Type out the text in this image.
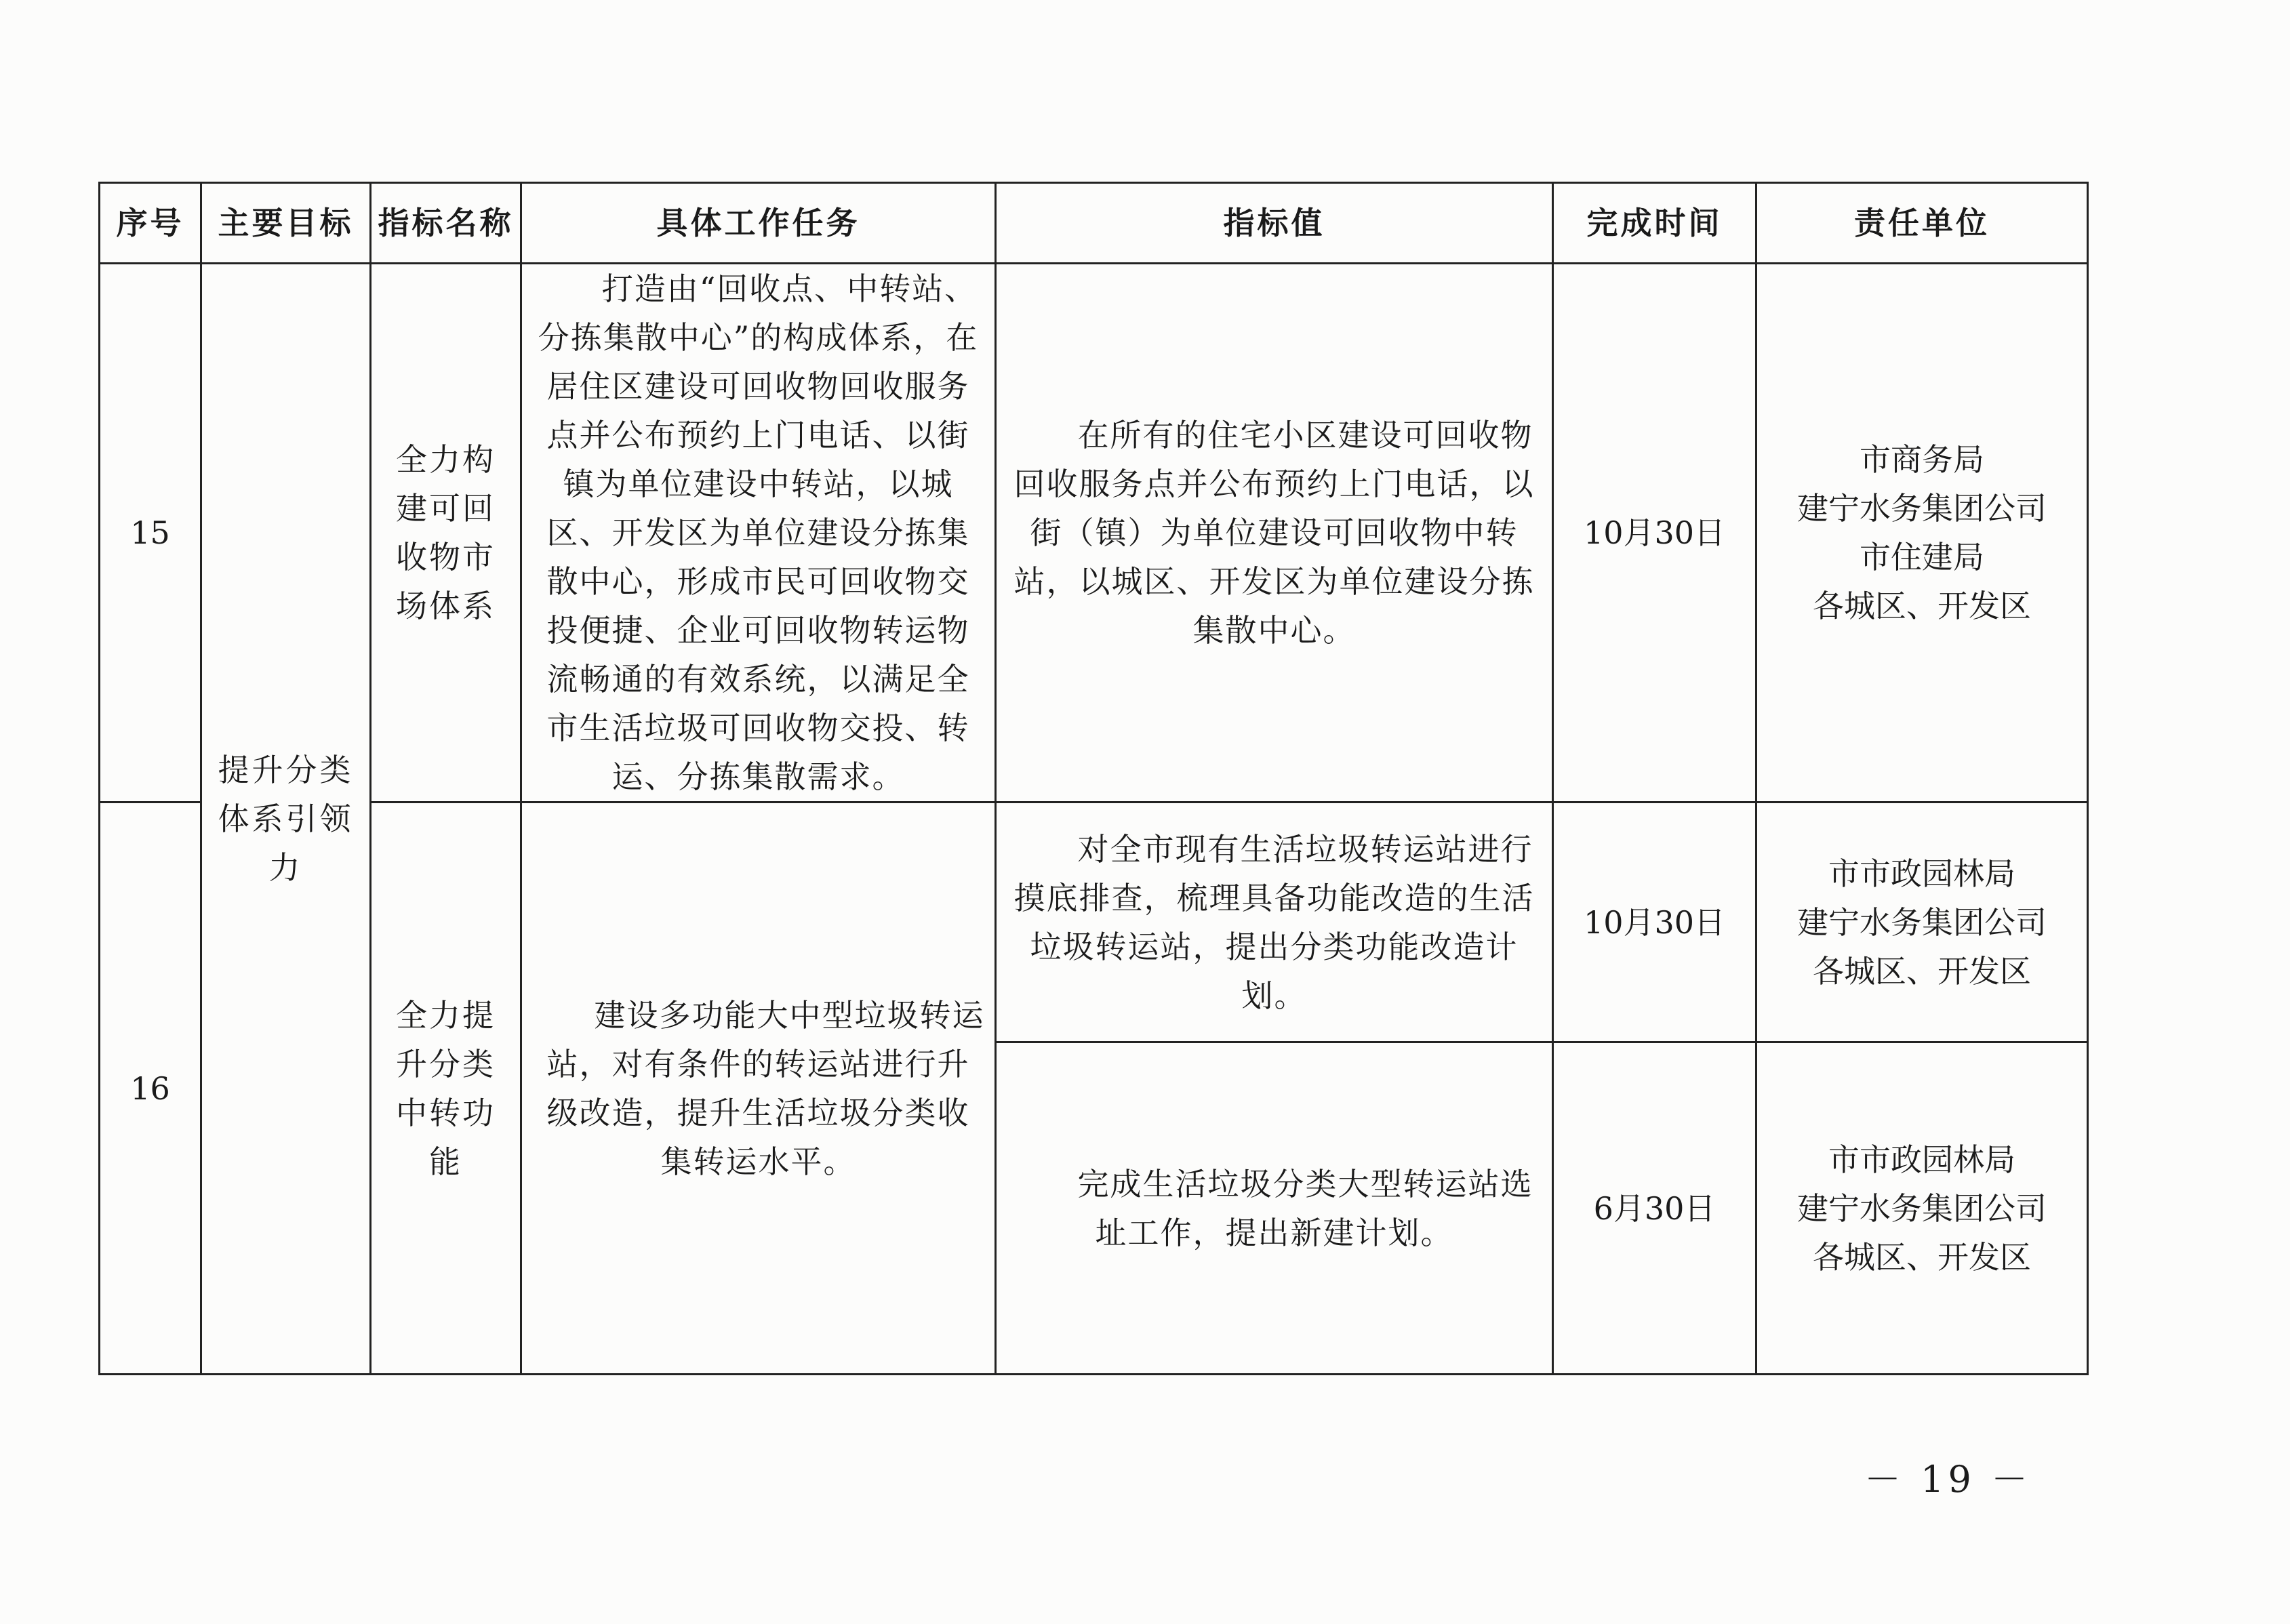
序号	主要目标	指标名称	具体工作任务	指标值	完成时间	责任单位
15	提升分类体系引领力	全力构建可回收物市场体系	打造由“回收点、中转站、分拣集散中心”的构成体系，在居住区建设可回收物回收服务点并公布预约上门电话、以街镇为单位建设中转站，以城区、开发区为单位建设分拣集散中心，形成市民可回收物交投便捷、企业可回收物转运物流畅通的有效系统，以满足全市生活垃圾可回收物交投、转运、分拣集散需求。	在所有的住宅小区建设可回收物回收服务点并公布预约上门电话，以街（镇）为单位建设可回收物中转站，以城区、开发区为单位建设分拣集散中心。	10月30日	市商务局
建宁水务集团公司
市住建局
各城区、开发区

16		全力提升分类中转功能	建设多功能大中型垃圾转运站，对有条件的转运站进行升级改造，提升生活垃圾分类收集转运水平。	对全市现有生活垃圾转运站进行摸底排查，梳理具备功能改造的生活垃圾转运站，提出分类功能改造计划。	10月30日	市市政园林局
建宁水务集团公司
各城区、开发区

				完成生活垃圾分类大型转运站选址工作，提出新建计划。	6月30日	市市政园林局
建宁水务集团公司
各城区、开发区
－ 19 －
